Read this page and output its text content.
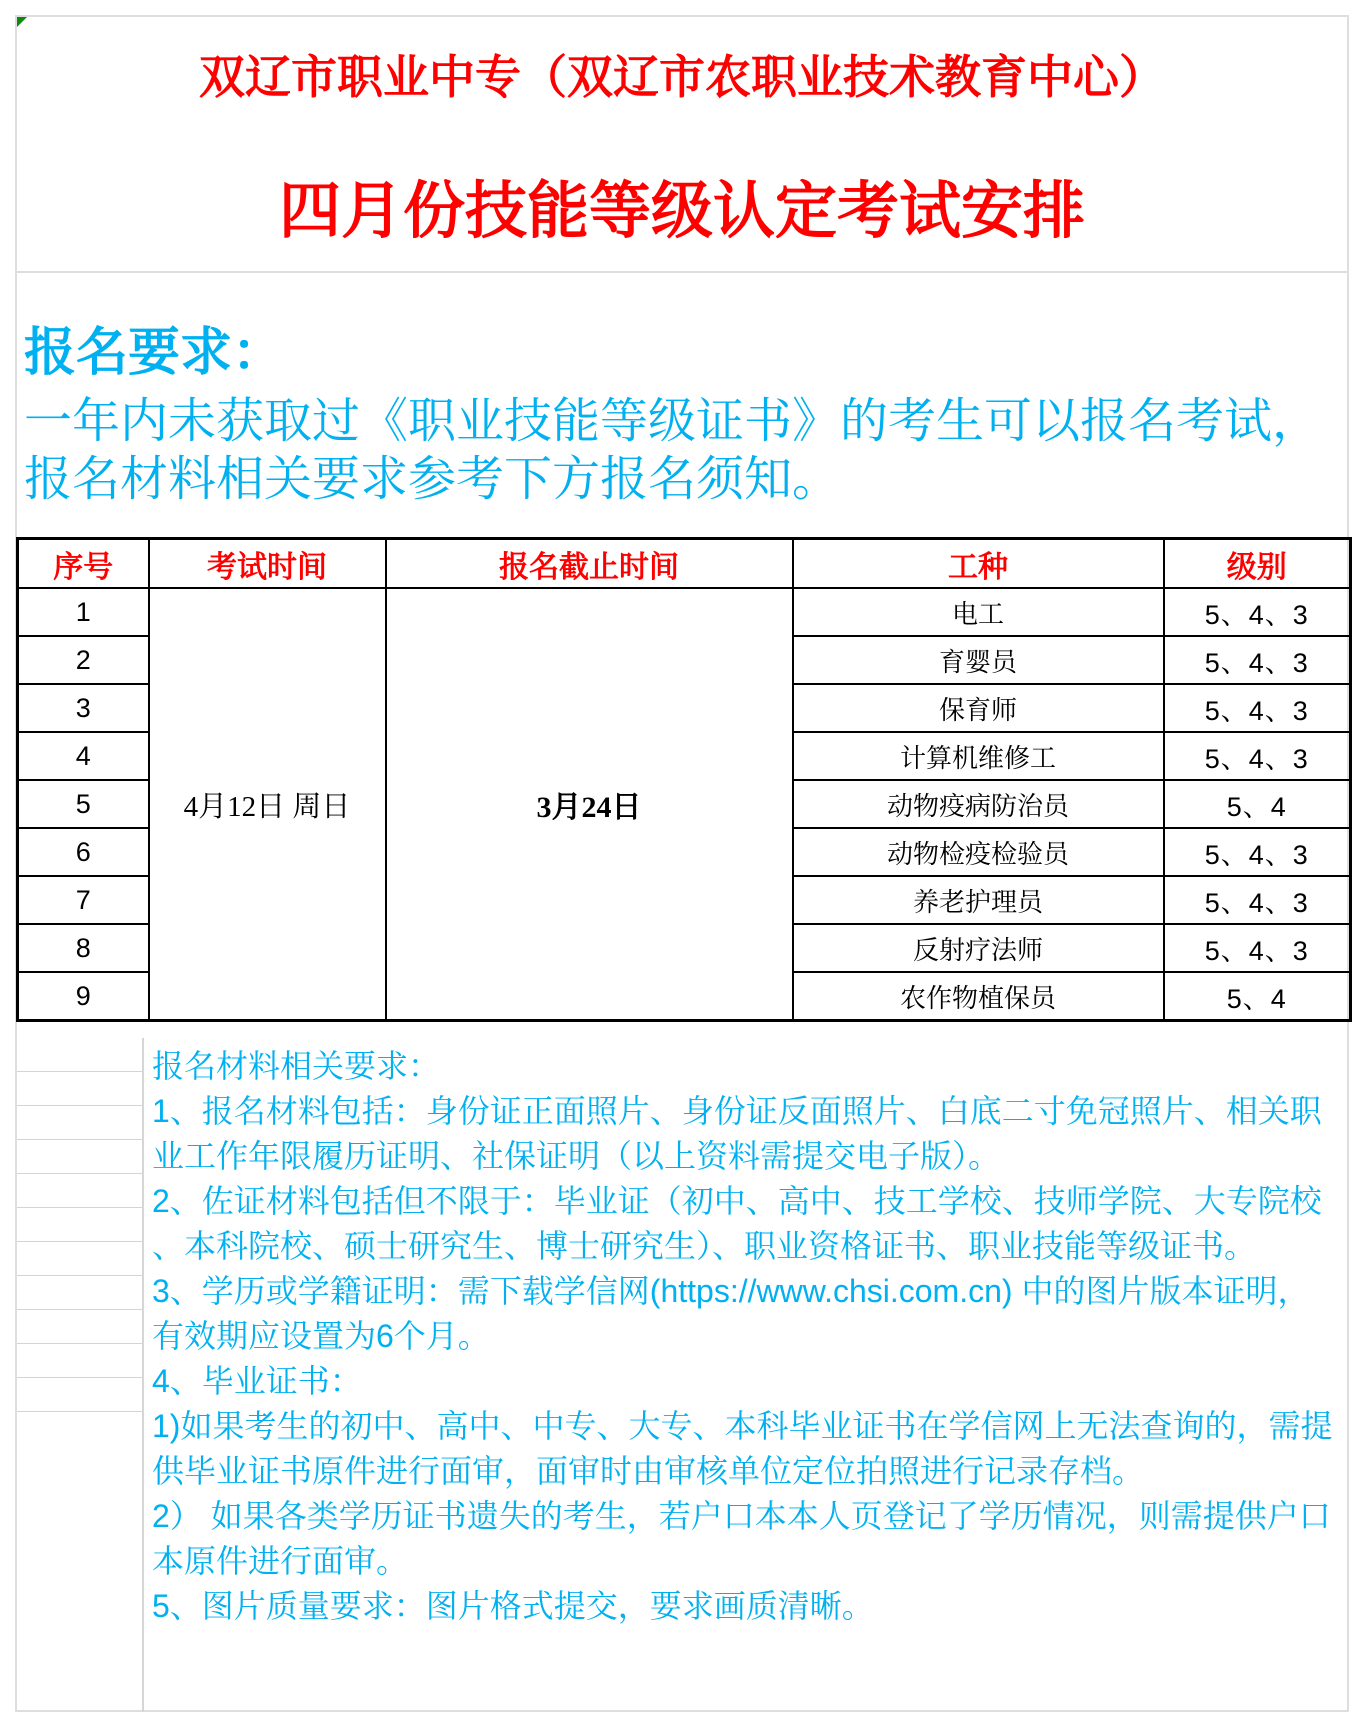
双辽市职业中专（双辽市农职业技术教育中心）
四月份技能等级认定考试安排
报名要求：
一年内未获取过《职业技能等级证书》的考生可以报名考试，
报名材料相关要求参考下方报名须知。
序号	考试时间	报名截止时间	工种	级别
1	4月12日 周日	3月24日	电工	5、4、3
2			育婴员	5、4、3
3			保育师	5、4、3
4			计算机维修工	5、4、3
5			动物疫病防治员	5、4
6			动物检疫检验员	5、4、3
7			养老护理员	5、4、3
8			反射疗法师	5、4、3
9			农作物植保员	5、4
报名材料相关要求：
1、报名材料包括：身份证正面照片、身份证反面照片、白底二寸免冠照片、相关职
业工作年限履历证明、社保证明（以上资料需提交电子版）。
2、佐证材料包括但不限于：毕业证（初中、高中、技工学校、技师学院、大专院校
、本科院校、硕士研究生、博士研究生）、职业资格证书、职业技能等级证书。
3、学历或学籍证明：需下载学信网(https://www.chsi.com.cn) 中的图片版本证明，
有效期应设置为6个月。
4、毕业证书：
1)如果考生的初中、高中、中专、大专、本科毕业证书在学信网上无法查询的，需提
供毕业证书原件进行面审，面审时由审核单位定位拍照进行记录存档。
2） 如果各类学历证书遗失的考生，若户口本本人页登记了学历情况，则需提供户口
本原件进行面审。
5、图片质量要求：图片格式提交，要求画质清晰。
